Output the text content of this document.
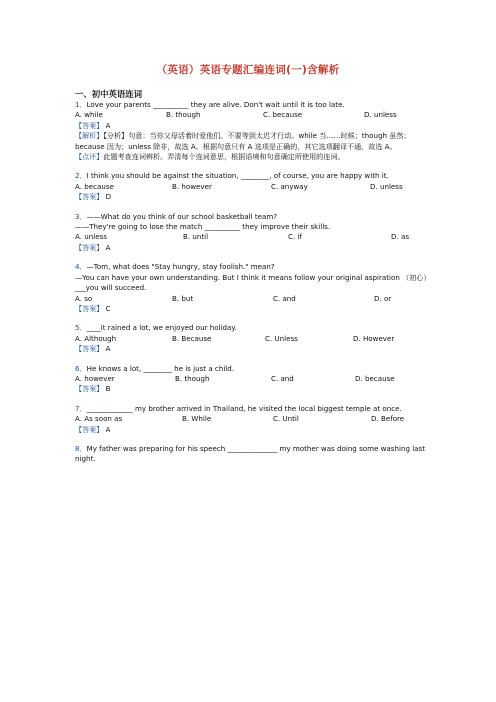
（英语）英语专题汇编连词(一)含解析
一、初中英语连词

1．Love your parents __________ they are alive. Don't wait until it is too late.

A. while	B. though	C. because	D. unless
【答案】 A
【解析】【分析】句意：当你父母活着时爱他们。不要等到太迟才行动。while 当……时候；though 虽然；because 因为；unless 除非，故选 A。根据句意只有 A 选项是正确的，其它选项翻译不通，故选 A。
【点评】此题考查连词辨析。弄清每个连词意思，根据语境和句意确定所使用的连词。

2．I think you should be against the situation, ________, of course, you are happy with it.

A. because	B. however	C. anyway	D. unless
【答案】 D

3．——What do you think of our school basketball team?

——They're going to lose the match __________ they improve their skills.

A. unless	B. until	C. if	D. as
【答案】 A

4．—Tom, what does "Stay hungry, stay foolish." mean?

—You can have your own understanding. But I think it means follow your original aspiration （初心）___you will succeed.

A. so	B. but	C. and	D. or
【答案】 C

5．____it rained a lot, we enjoyed our holiday.

A. Although	B. Because	C. Unless	D. However
【答案】 A

6．He knows a lot, ________ he is just a child.

A. however	B. though	C. and	D. because
【答案】 B

7．_____________ my brother arrived in Thailand, he visited the local biggest temple at once.

A. As soon as	B. While	C. Until	D. Before
【答案】 A

8．My father was preparing for his speech ______________ my mother was doing some washing last night.
